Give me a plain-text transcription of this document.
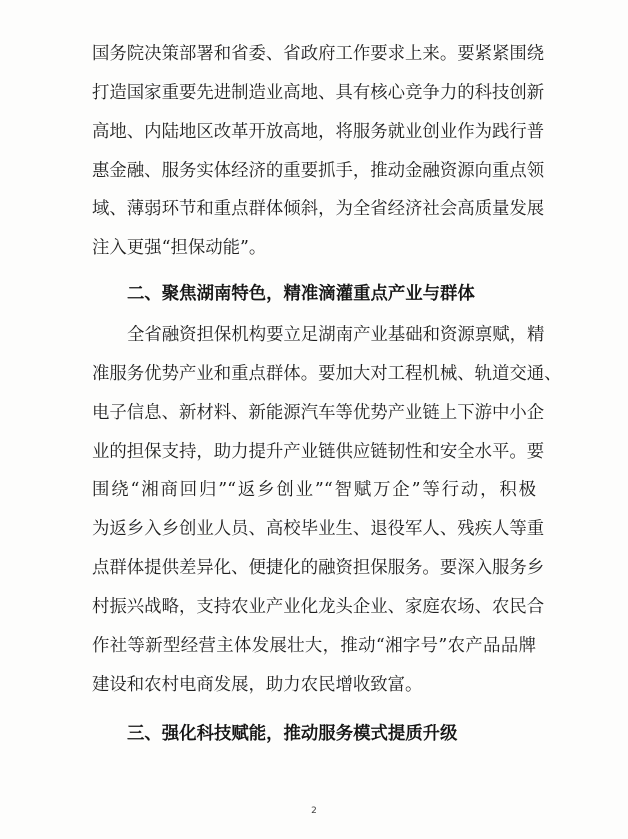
国务院决策部署和省委、省政府工作要求上来。要紧紧围绕
打造国家重要先进制造业高地、具有核心竞争力的科技创新
高地、内陆地区改革开放高地，将服务就业创业作为践行普
惠金融、服务实体经济的重要抓手，推动金融资源向重点领
域、薄弱环节和重点群体倾斜，为全省经济社会高质量发展
注入更强“担保动能”。
二、聚焦湖南特色，精准滴灌重点产业与群体
全省融资担保机构要立足湖南产业基础和资源禀赋，精
准服务优势产业和重点群体。要加大对工程机械、轨道交通、
电子信息、新材料、新能源汽车等优势产业链上下游中小企
业的担保支持，助力提升产业链供应链韧性和安全水平。要
围绕“湘商回归”“返乡创业”“智赋万企”等行动，积极
为返乡入乡创业人员、高校毕业生、退役军人、残疾人等重
点群体提供差异化、便捷化的融资担保服务。要深入服务乡
村振兴战略，支持农业产业化龙头企业、家庭农场、农民合
作社等新型经营主体发展壮大，推动“湘字号”农产品品牌
建设和农村电商发展，助力农民增收致富。
三、强化科技赋能，推动服务模式提质升级
2
